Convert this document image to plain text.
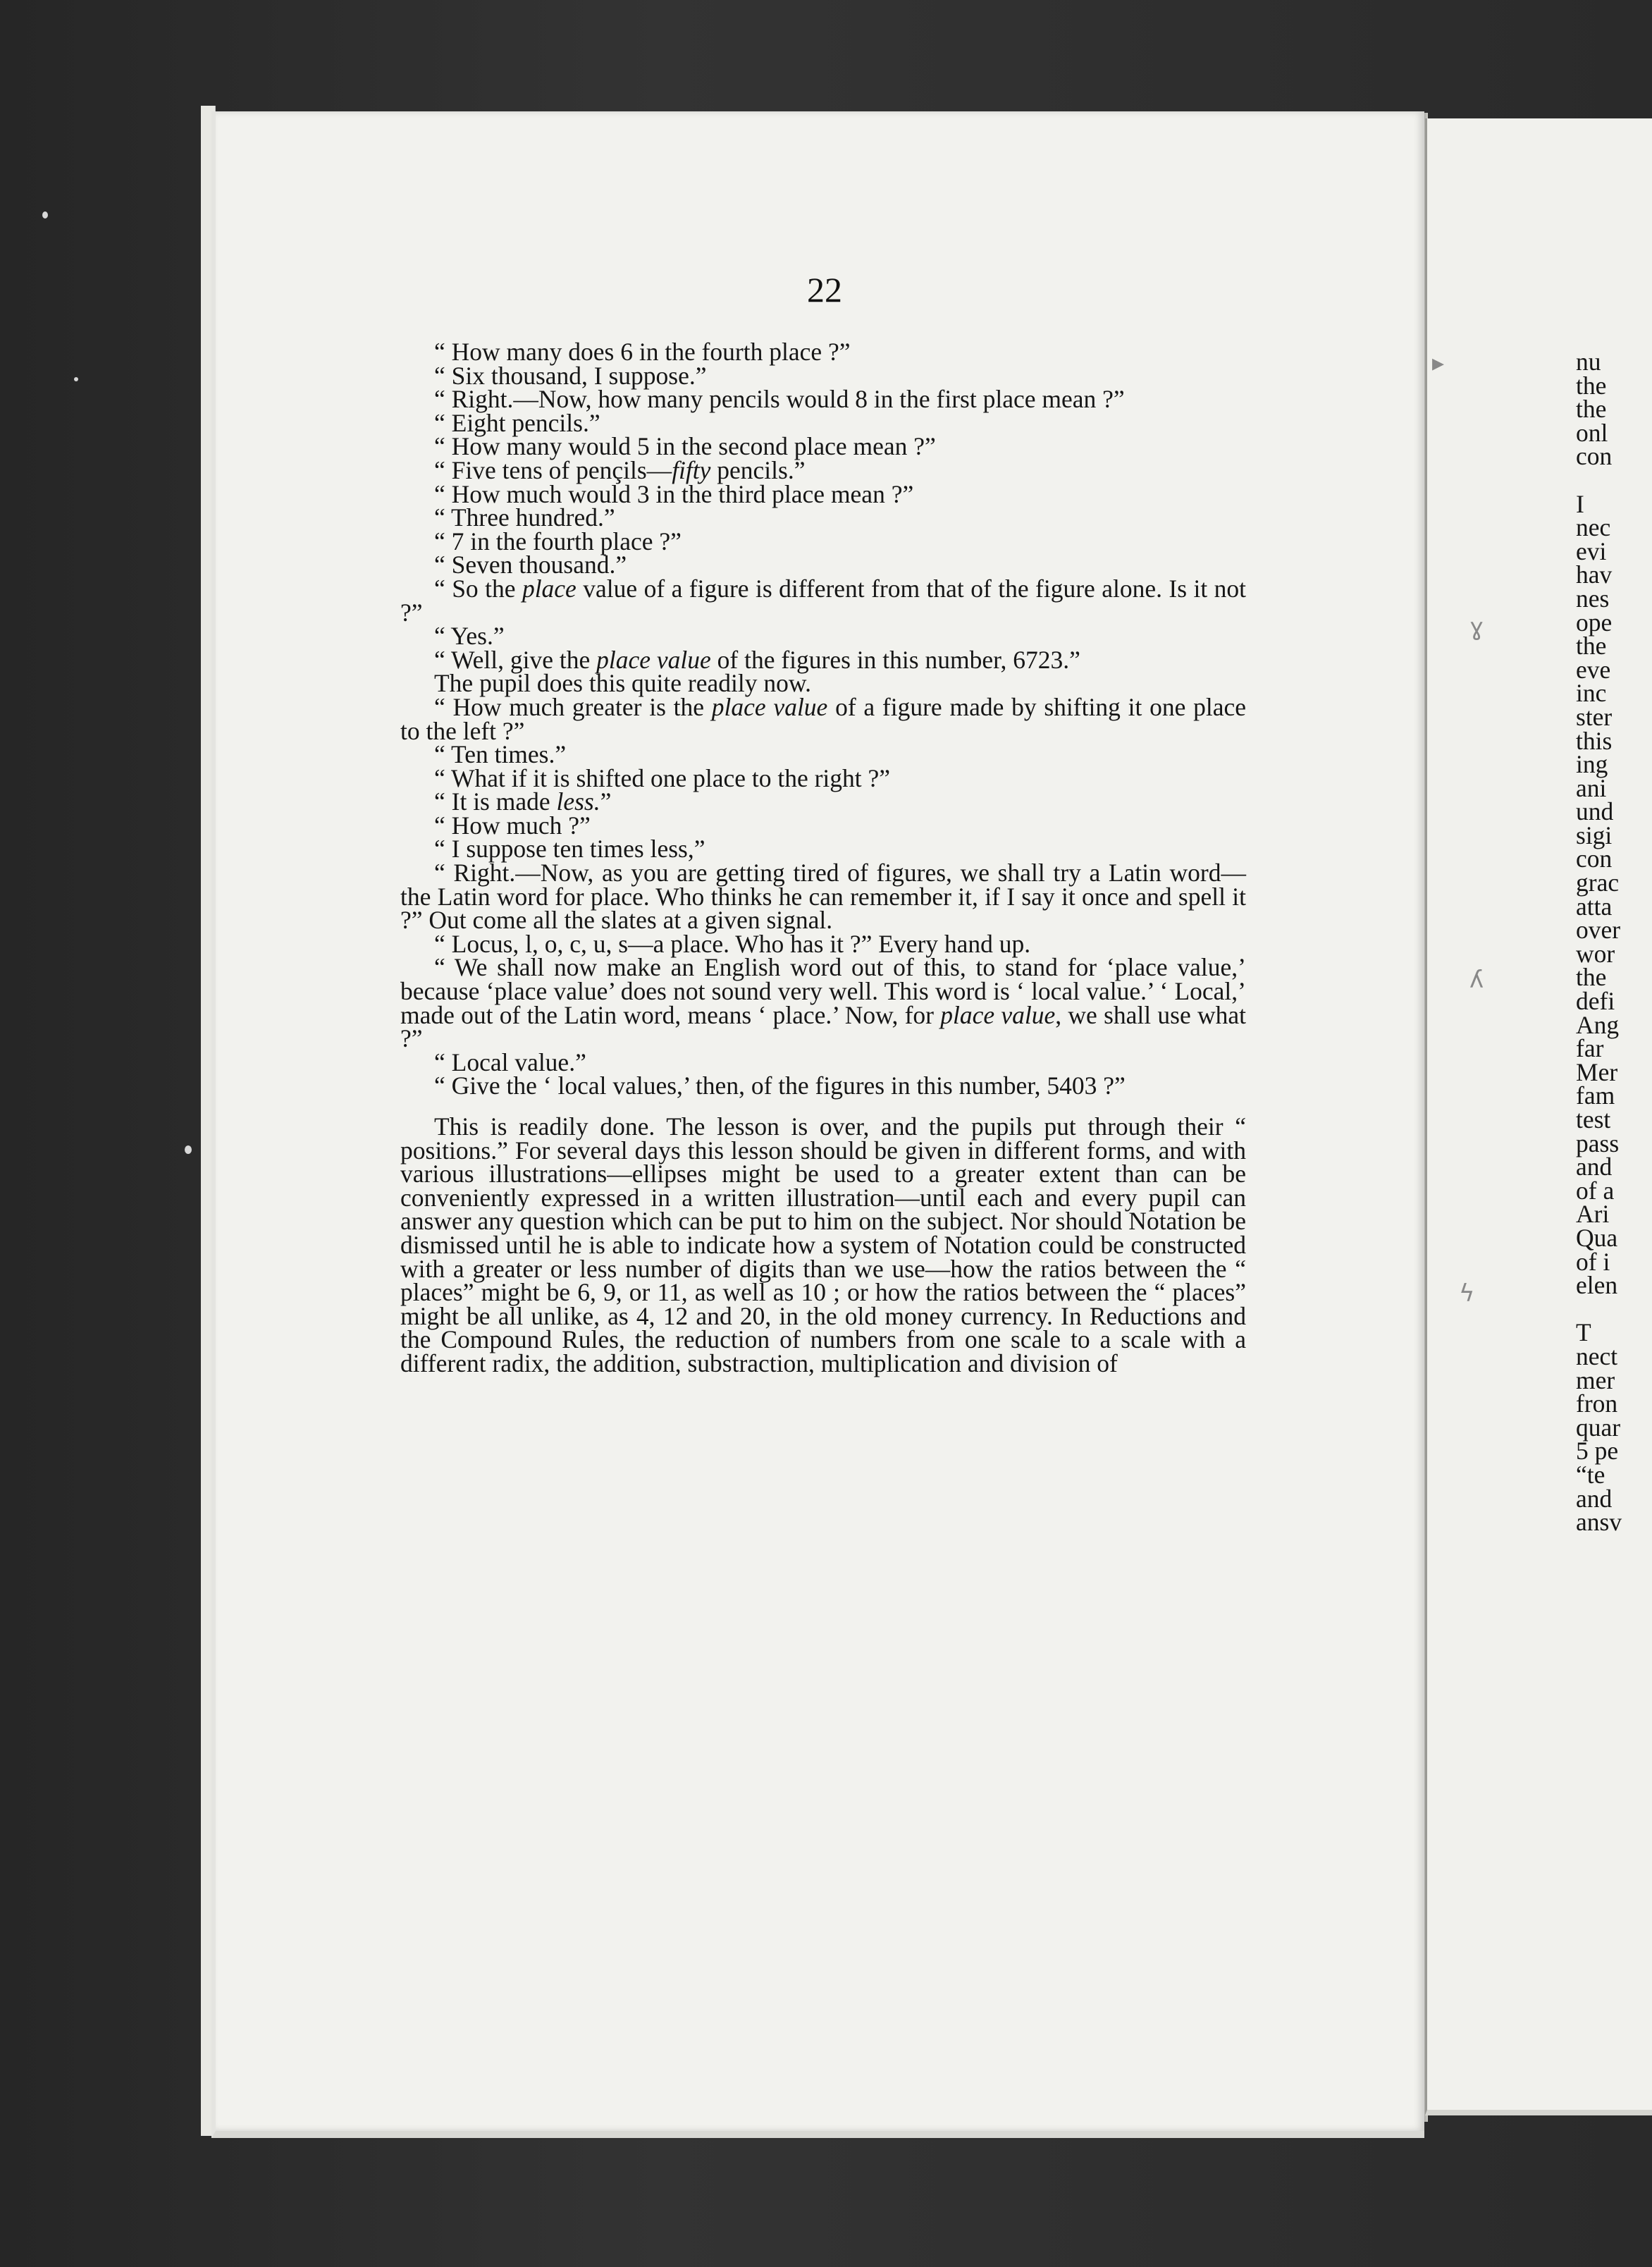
22

“ How many does 6 in the fourth place ?”

“ Six thousand, I suppose.”

“ Right.—Now, how many pencils would 8 in the first place mean ?”

“ Eight pencils.”

“ How many would 5 in the second place mean ?”

“ Five tens of pençils—fifty pencils.”

“ How much would 3 in the third place mean ?”

“ Three hundred.”

“ 7 in the fourth place ?”

“ Seven thousand.”

“ So the place value of a figure is different from that of the figure alone. Is it not ?”

“ Yes.”

“ Well, give the place value of the figures in this number, 6723.”

The pupil does this quite readily now.

“ How much greater is the place value of a figure made by shifting it one place to the left ?”

“ Ten times.”

“ What if it is shifted one place to the right ?”

“ It is made less.”

“ How much ?”

“ I suppose ten times less,”

“ Right.—Now, as you are getting tired of figures, we shall try a Latin word—the Latin word for place. Who thinks he can remember it, if I say it once and spell it ?” Out come all the slates at a given signal.

“ Locus, l, o, c, u, s—a place. Who has it ?” Every hand up.

“ We shall now make an English word out of this, to stand for ‘place value,’ because ‘place value’ does not sound very well. This word is ‘ local value.’ ‘ Local,’ made out of the Latin word, means ‘ place.’ Now, for place value, we shall use what ?”

“ Local value.”

“ Give the ‘ local values,’ then, of the figures in this number, 5403 ?”

This is readily done. The lesson is over, and the pupils put through their “ positions.” For several days this lesson should be given in different forms, and with various illustrations—ellipses might be used to a greater extent than can be conveniently expressed in a written illustration—until each and every pupil can answer any question which can be put to him on the subject. Nor should Notation be dismissed until he is able to indicate how a system of Notation could be constructed with a greater or less number of digits than we use—how the ratios between the “ places” might be 6, 9, or 11, as well as 10 ; or how the ratios between the “ places” might be all unlike, as 4, 12 and 20, in the old money currency. In Reductions and the Compound Rules, the reduction of numbers from one scale to a scale with a different radix, the addition, substraction, multiplication and division of

nu
the
the
onl
con
I
nec
evi
hav
nes
ope
the
eve
inc
ster
this
ing
ani
und
sigi
con
grac
atta
over
wor
the
defi
Ang
far
Mer
fam
test
pass
and
of a
Ari
Qua
of i
elen
T
nect
mer
fron
quar
5 pe
“te
and
ansv
▸
ɣ
ʎ
ϟ
